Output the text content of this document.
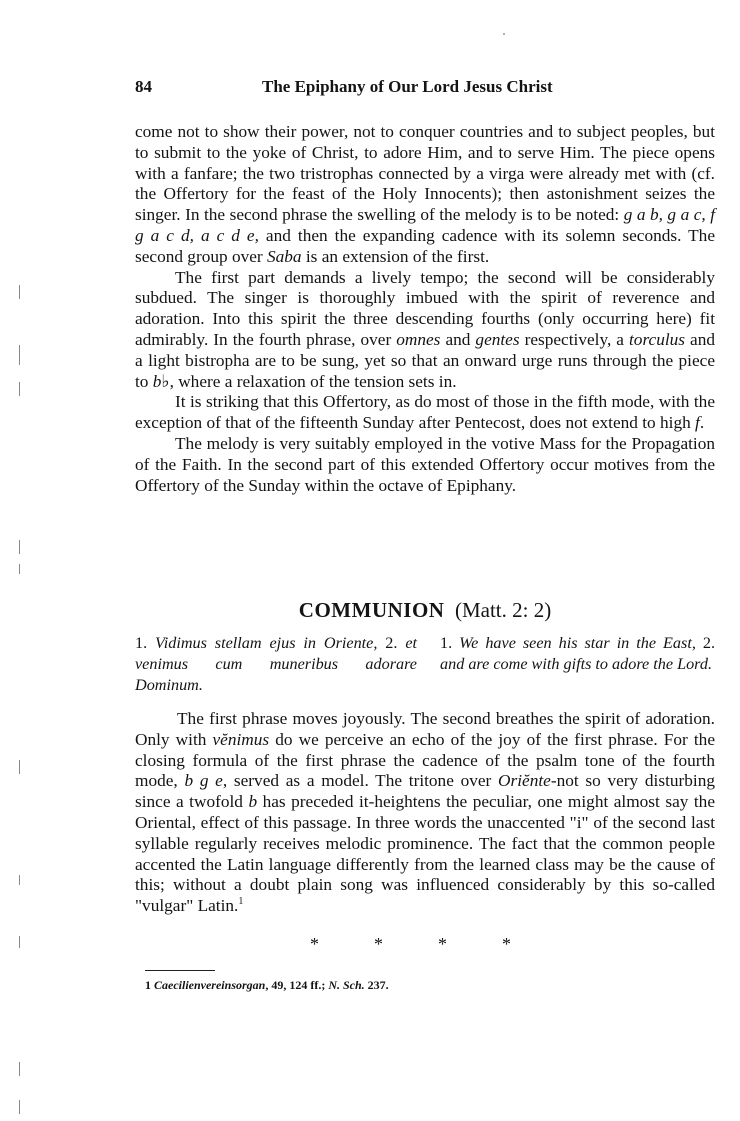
84	The Epiphany of Our Lord Jesus Christ

come not to show their power, not to conquer countries and to subject peoples, but to submit to the yoke of Christ, to adore Him, and to serve Him. The piece opens with a fanfare; the two tristrophas connected by a virga were already met with (cf. the Offertory for the feast of the Holy Innocents); then astonishment seizes the singer. In the second phrase the swelling of the melody is to be noted: g a b, g a c, f g a c d, a c d e, and then the expanding cadence with its solemn seconds. The second group over Saba is an extension of the first.

The first part demands a lively tempo; the second will be considerably subdued. The singer is thoroughly imbued with the spirit of reverence and adoration. Into this spirit the three descending fourths (only occurring here) fit admirably. In the fourth phrase, over omnes and gentes respectively, a torculus and a light bistropha are to be sung, yet so that an onward urge runs through the piece to b♭, where a relaxation of the tension sets in.

It is striking that this Offertory, as do most of those in the fifth mode, with the exception of that of the fifteenth Sunday after Pentecost, does not extend to high f.

The melody is very suitably employed in the votive Mass for the Propagation of the Faith. In the second part of this extended Offertory occur motives from the Offertory of the Sunday within the octave of Epiphany.

COMMUNION (Matt. 2: 2)
1. Vidimus stellam ejus in Oriente, 2. et venimus cum muneribus adorare Dominum.
1. We have seen his star in the East, 2. and are come with gifts to adore the Lord.

The first phrase moves joyously. The second breathes the spirit of adoration. Only with vĕnimus do we perceive an echo of the joy of the first phrase. For the closing formula of the first phrase the cadence of the psalm tone of the fourth mode, b g e, served as a model. The tritone over Oriĕnte-not so very disturbing since a twofold b has preceded it-heightens the peculiar, one might almost say the Oriental, effect of this passage. In three words the unaccented "i" of the second last syllable regularly receives melodic prominence. The fact that the common people accented the Latin language differently from the learned class may be the cause of this; without a doubt plain song was influenced considerably by this so-called "vulgar" Latin.$^1$

*	*	*	*
1 Caecilienvereinsorgan, 49, 124 ff.; N. Sch. 237.
